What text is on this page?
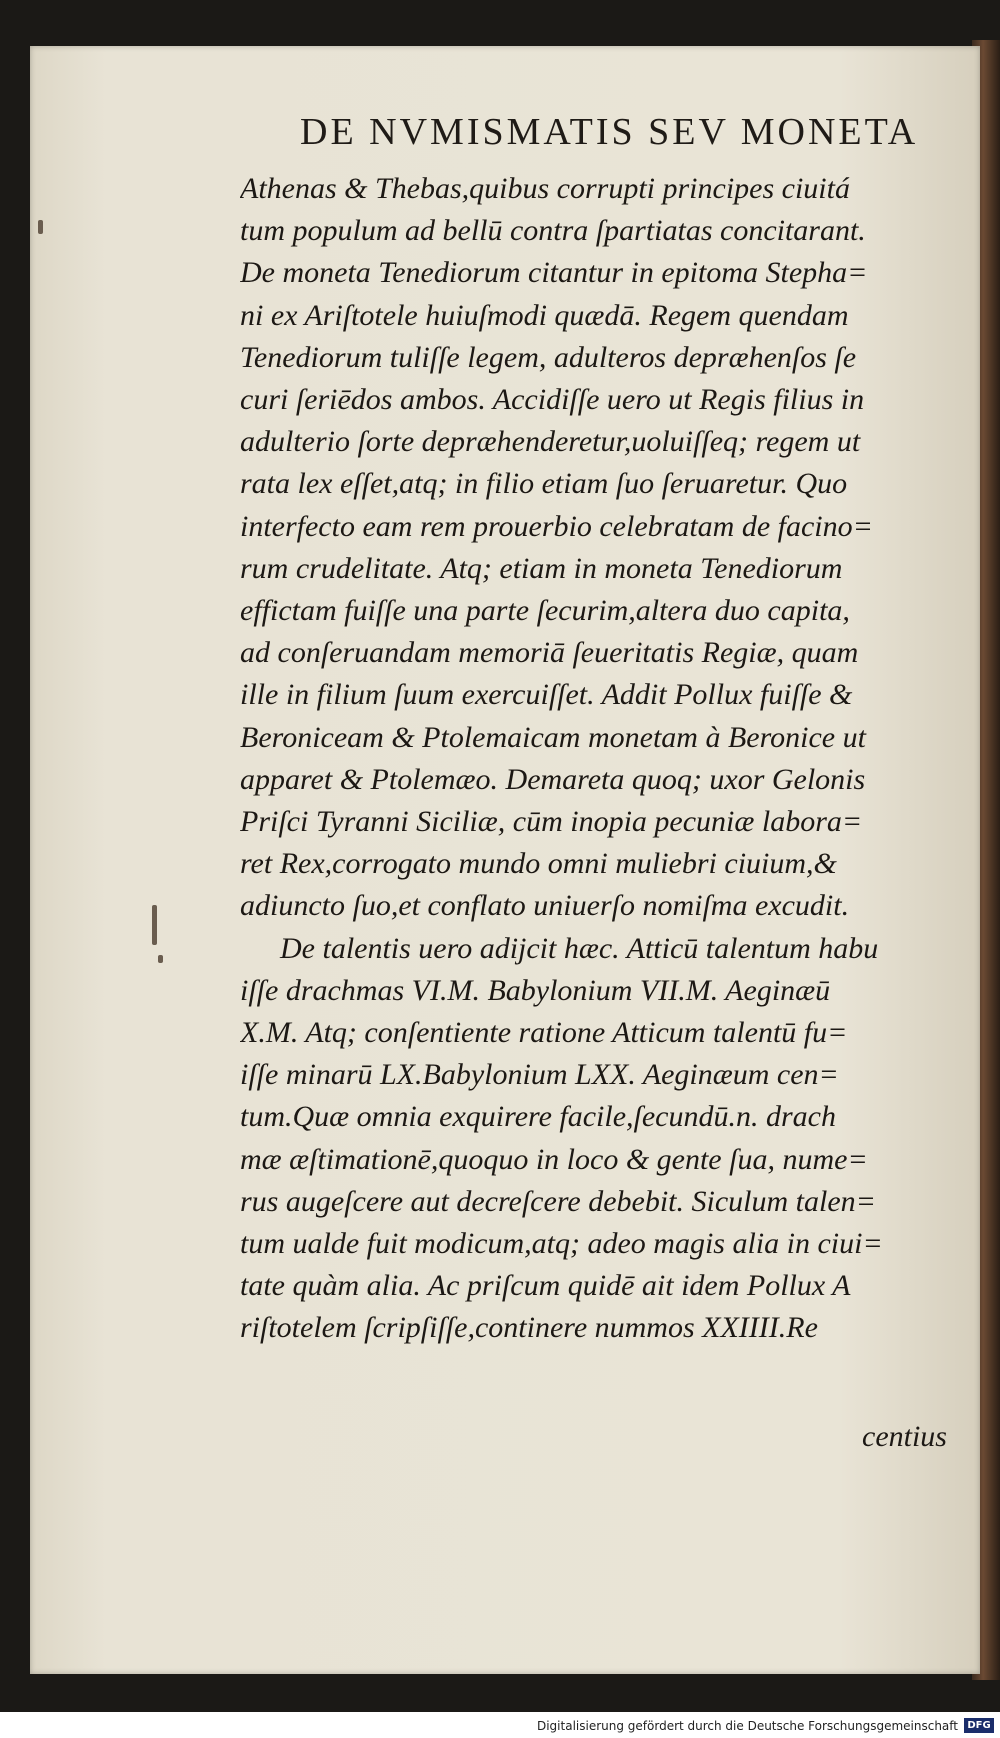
DE NVMISMATIS SEV MONETA
Athenas & Thebas,quibus corrupti principes ciuitá
tum populum ad bellū contra ſpartiatas concitarant.
De moneta Tenediorum citantur in epitoma Stepha=
ni ex Ariſtotele huiuſmodi quædā. Regem quendam
Tenediorum tuliſſe legem, adulteros depræhenſos ſe
curi ſeriēdos ambos. Accidiſſe uero ut Regis filius in
adulterio ſorte depræhenderetur,uoluiſſeq; regem ut
rata lex eſſet,atq; in filio etiam ſuo ſeruaretur. Quo
interfecto eam rem prouerbio celebratam de facino=
rum crudelitate. Atq; etiam in moneta Tenediorum
effictam fuiſſe una parte ſecurim,altera duo capita,
ad conſeruandam memoriā ſeueritatis Regiæ, quam
ille in filium ſuum exercuiſſet. Addit Pollux fuiſſe &
Beroniceam & Ptolemaicam monetam à Beronice ut
apparet & Ptolemæo. Demareta quoq; uxor Gelonis
Priſci Tyranni Siciliæ, cūm inopia pecuniæ labora=
ret Rex,corrogato mundo omni muliebri ciuium,&
adiuncto ſuo,et conflato uniuerſo nomiſma excudit.
De talentis uero adijcit hæc. Atticū talentum habu
iſſe drachmas VI.M. Babylonium VII.M. Aeginæū
X.M. Atq; conſentiente ratione Atticum talentū fu=
iſſe minarū LX.Babylonium LXX. Aeginæum cen=
tum.Quæ omnia exquirere facile,ſecundū.n. drach
mæ æſtimationē,quoquo in loco & gente ſua, nume=
rus augeſcere aut decreſcere debebit. Siculum talen=
tum ualde fuit modicum,atq; adeo magis alia in ciui=
tate quàm alia. Ac priſcum quidē ait idem Pollux A
riſtotelem ſcripſiſſe,continere nummos XXIIII.Re
centius
Digitalisierung gefördert durch die Deutsche Forschungsgemeinschaft DFG
